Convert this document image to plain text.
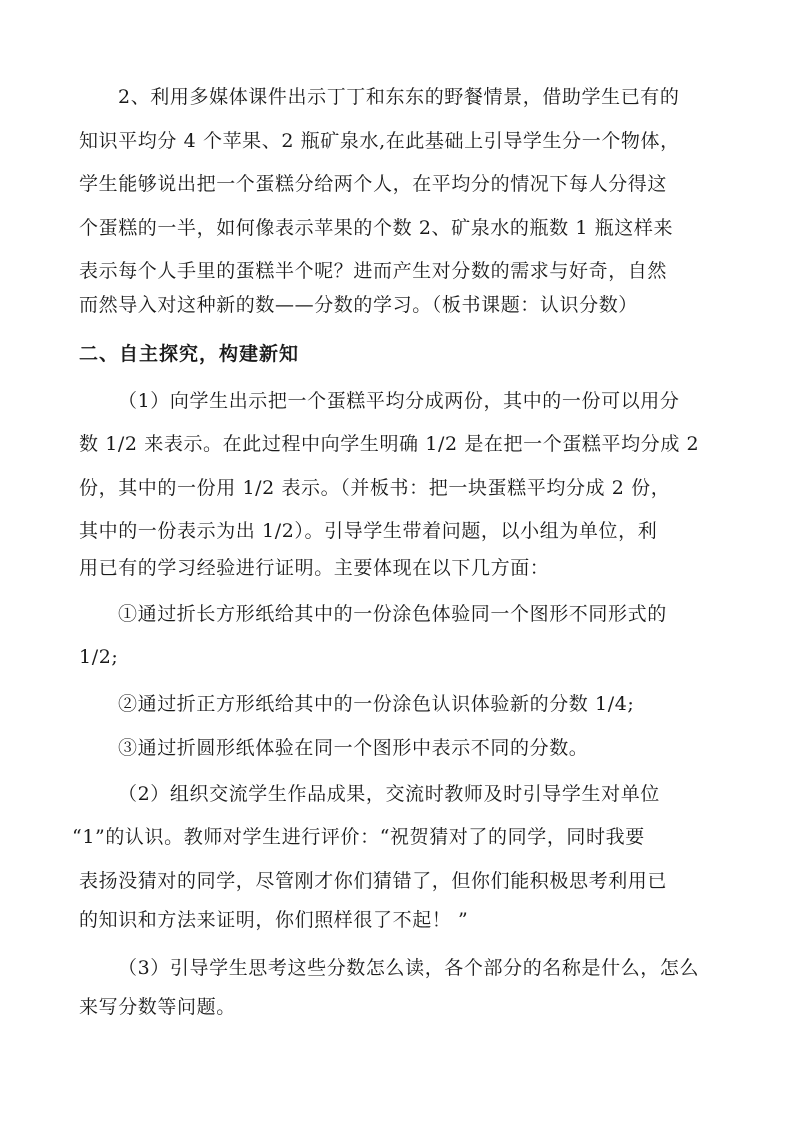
2、利用多媒体课件出示丁丁和东东的野餐情景，借助学生已有的
知识平均分 4 个苹果、2 瓶矿泉水,在此基础上引导学生分一个物体，
学生能够说出把一个蛋糕分给两个人，在平均分的情况下每人分得这
个蛋糕的一半，如何像表示苹果的个数 2、矿泉水的瓶数 1 瓶这样来
表示每个人手里的蛋糕半个呢？进而产生对分数的需求与好奇，自然
而然导入对这种新的数——分数的学习。（板书课题：认识分数）
二、自主探究，构建新知
（1）向学生出示把一个蛋糕平均分成两份，其中的一份可以用分
数 1/2 来表示。在此过程中向学生明确 1/2 是在把一个蛋糕平均分成 2
份，其中的一份用 1/2 表示。（并板书：把一块蛋糕平均分成 2 份，
其中的一份表示为出 1/2）。引导学生带着问题，以小组为单位，利
用已有的学习经验进行证明。主要体现在以下几方面：
①通过折长方形纸给其中的一份涂色体验同一个图形不同形式的
1/2;
②通过折正方形纸给其中的一份涂色认识体验新的分数 1/4;
③通过折圆形纸体验在同一个图形中表示不同的分数。
（2）组织交流学生作品成果，交流时教师及时引导学生对单位
“1”的认识。教师对学生进行评价：“祝贺猜对了的同学，同时我要
表扬没猜对的同学，尽管刚才你们猜错了，但你们能积极思考利用已
的知识和方法来证明，你们照样很了不起！ ”
（3）引导学生思考这些分数怎么读，各个部分的名称是什么，怎么
来写分数等问题。
